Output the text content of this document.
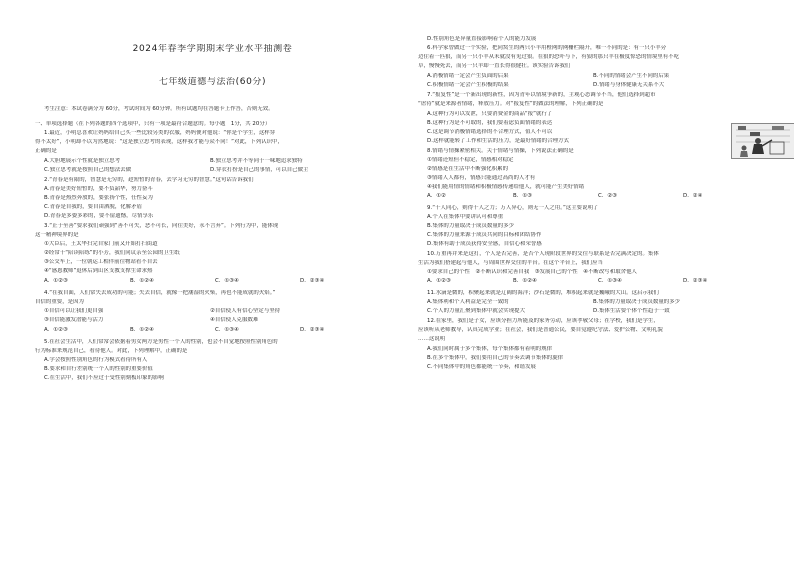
2024年春季学期期末学业水平抽测卷
七年级道德与法治(60分)
考生注意：本试卷满分为 60分，考试时间为 60分钟。所有试题均在答题卡上作答，否则无效。
一、单项选择题（在下列各题的四个选项中，只有一项是最符合题意的。每小题　1分，共 20分）
1.最近，小明总喜欢让妈妈给自己买一些比较另类的衣服，妈妈便对他说：“你是个学生，这样穿
得不太好”，小明却不以为然地说：“这是独立思考的表现，这样我才能与众不同！”对此，下列认识中，
正确的是
A.大胆地展示个性就是独立思考	B.独立思考并不等同于一味地追求独特
C.独立思考就是按照自己的想法去做	D.穿衣打扮是自己的事情，可以自己做主
2.“青春是有限的，智慧是无穷的，趁短暂的青春，去学习无穷的智慧。”这句话告诉我们
A.青春是美好短暂的，要不负韶华，努力奋斗
B.青春是热烈奔放的，要张扬个性，任性妄为
C.青春是自我的，要自由洒脱，化解矛盾
D.青春是多姿多彩的，要不留遗憾，尽情享乐
3.“止于至善”要求我们顽强到“善不可失，恶不可长，向往美好，永不言弃”。下列行为中，能体现
这一精神境界的是
①大臣后，王太华扫完自家门前又开始打扫街道
②经常干“陪读陪练”的小芳，我们同议亲至公园的卫生纸
③公交车上，一位朝运工相伴前往物站看不自去
④“感恩教师”退休后到山区支教支撑生命求热
A．①②③	B．①②④	C．①③④	D．②③④
4.“在我自面，人们常失去成功的可能；失去自信，就像一把潮湿的火柴，再也不能成就的火焰。”
自信的重要，是因为
①自信可以让我们更自强	②自信使人有信心坚定与坚持
③自信能激发潜能与活力	④自信使人克服数难
A．①②③	B．①②④	C．①③④	D．②③④
5.在社会生活中，人们常常会依据着男女两方是男性一个人的性别，也会不自觉地按照性别角色的
行为标准来规范自己，看待他人。对此，下列理解中，正确的是
A.学会按照性别角色的行为模式看待所有人
B.要求和自行差别统一个人的性别的重要价值
C.在生活中，我们不应过于受性别刻板印象的影响
D.性别角色是异量直接影响着个人的能力发展
6.科学家曾做过一个实验，把同窝生的两只小羊用橙网的网栅栏隔开，唯一不同的是：有一只小羊旁
边住着一匹狼，而另一只小羊从未就没有见过狼。在狼的恐吓与下，有狼的那只羊在极度惊恐的情境里有不吃
草，慢慢死去，而另一只羊却一直长得很健壮。该实验告诉我们
A.消极情绪一定会产生负面的后果	B.不同的情绪会产生不同的后果
C.积极情绪一定会产生积极的结果	D.情绪与身体健康无关系不大
7.“报复性”是一个新出现的新性，因为青年以情境争新的，主观心态调节不当，他们选择到超市
“虐待”就是来源者情绪，释放压力。对“报复性”的做法的理解，下列正确的是
A.这种行为可以发泄，只要消费金的商品“报”就行了
B.这种行为是不可取的，我们要着虑负面情绪的表达
C.这是调节消极情绪选择的不合理方式，值人不可以
D.这样就能转了工作和生活的压力，是最好情绪的合理方式
8.情绪与情操紧密相关。关于情绪与情操，下列说法正确的是
①情绪还短但不稳定，情感相对稳定
②情感是在生活中不断强化积累的
③情绪人人都有，情感只能通过高尚的人才有
④我们能用情的情绪和积极情感传递给他人，就可能产生美好情绪
A．①②	B．①③	C．②③	D．②④
9.“千人同心，则得千人之力；万人异心，则无一人之用。”这主要说明了
A.个人在集体中要讲认可和尊重
B.集体的力量取决于成员数量的多少
C.集体的力量来源于成员共同的目标和团结协作
D.集体有助于成员获得安全感，自信心和荣誉感
10.万重再并来是这打，个人是否完善，是否个人现阶段世界的交往与联系是否完满决定的。集体
生活为我们搭建起与他人，与周围世界交往的平台。在这个平台上，我们应当
①要求自己的个性　②不断认识和完善自我　③发展自己的个性　④不断改写和取舍他人
A．①②③	B．①②④	C．①③④	D．②③④
11.水滴是微的，积聚起来就是辽阔的海洋；沙石是微的，堆积起来就是巍峨的大山。这启示我们
A.集体利和个人利益是完全一致的	B.集体的力量取决于成员数量的多少
C.个人的力量汇聚到集体中就会实现提大	D.集体生活要个体个性趋于一致
12.在家里，我们是子女，应该分担力所能及的家务劳动，应该孝敬父母；在学校，我们是学生，
应该听从老师教导，认真完成学业；在社会，我们是普通公民，要自觉遵纪守法、爱护公物、文明礼貌
……这说明
A.我们同时属于多个集体，每个集体都有着明的规律
B.在多个集体中，我们要用自己的节奏去调节集体的旋律
C.不同集体中的角色都能统一节奏，和谐发展
